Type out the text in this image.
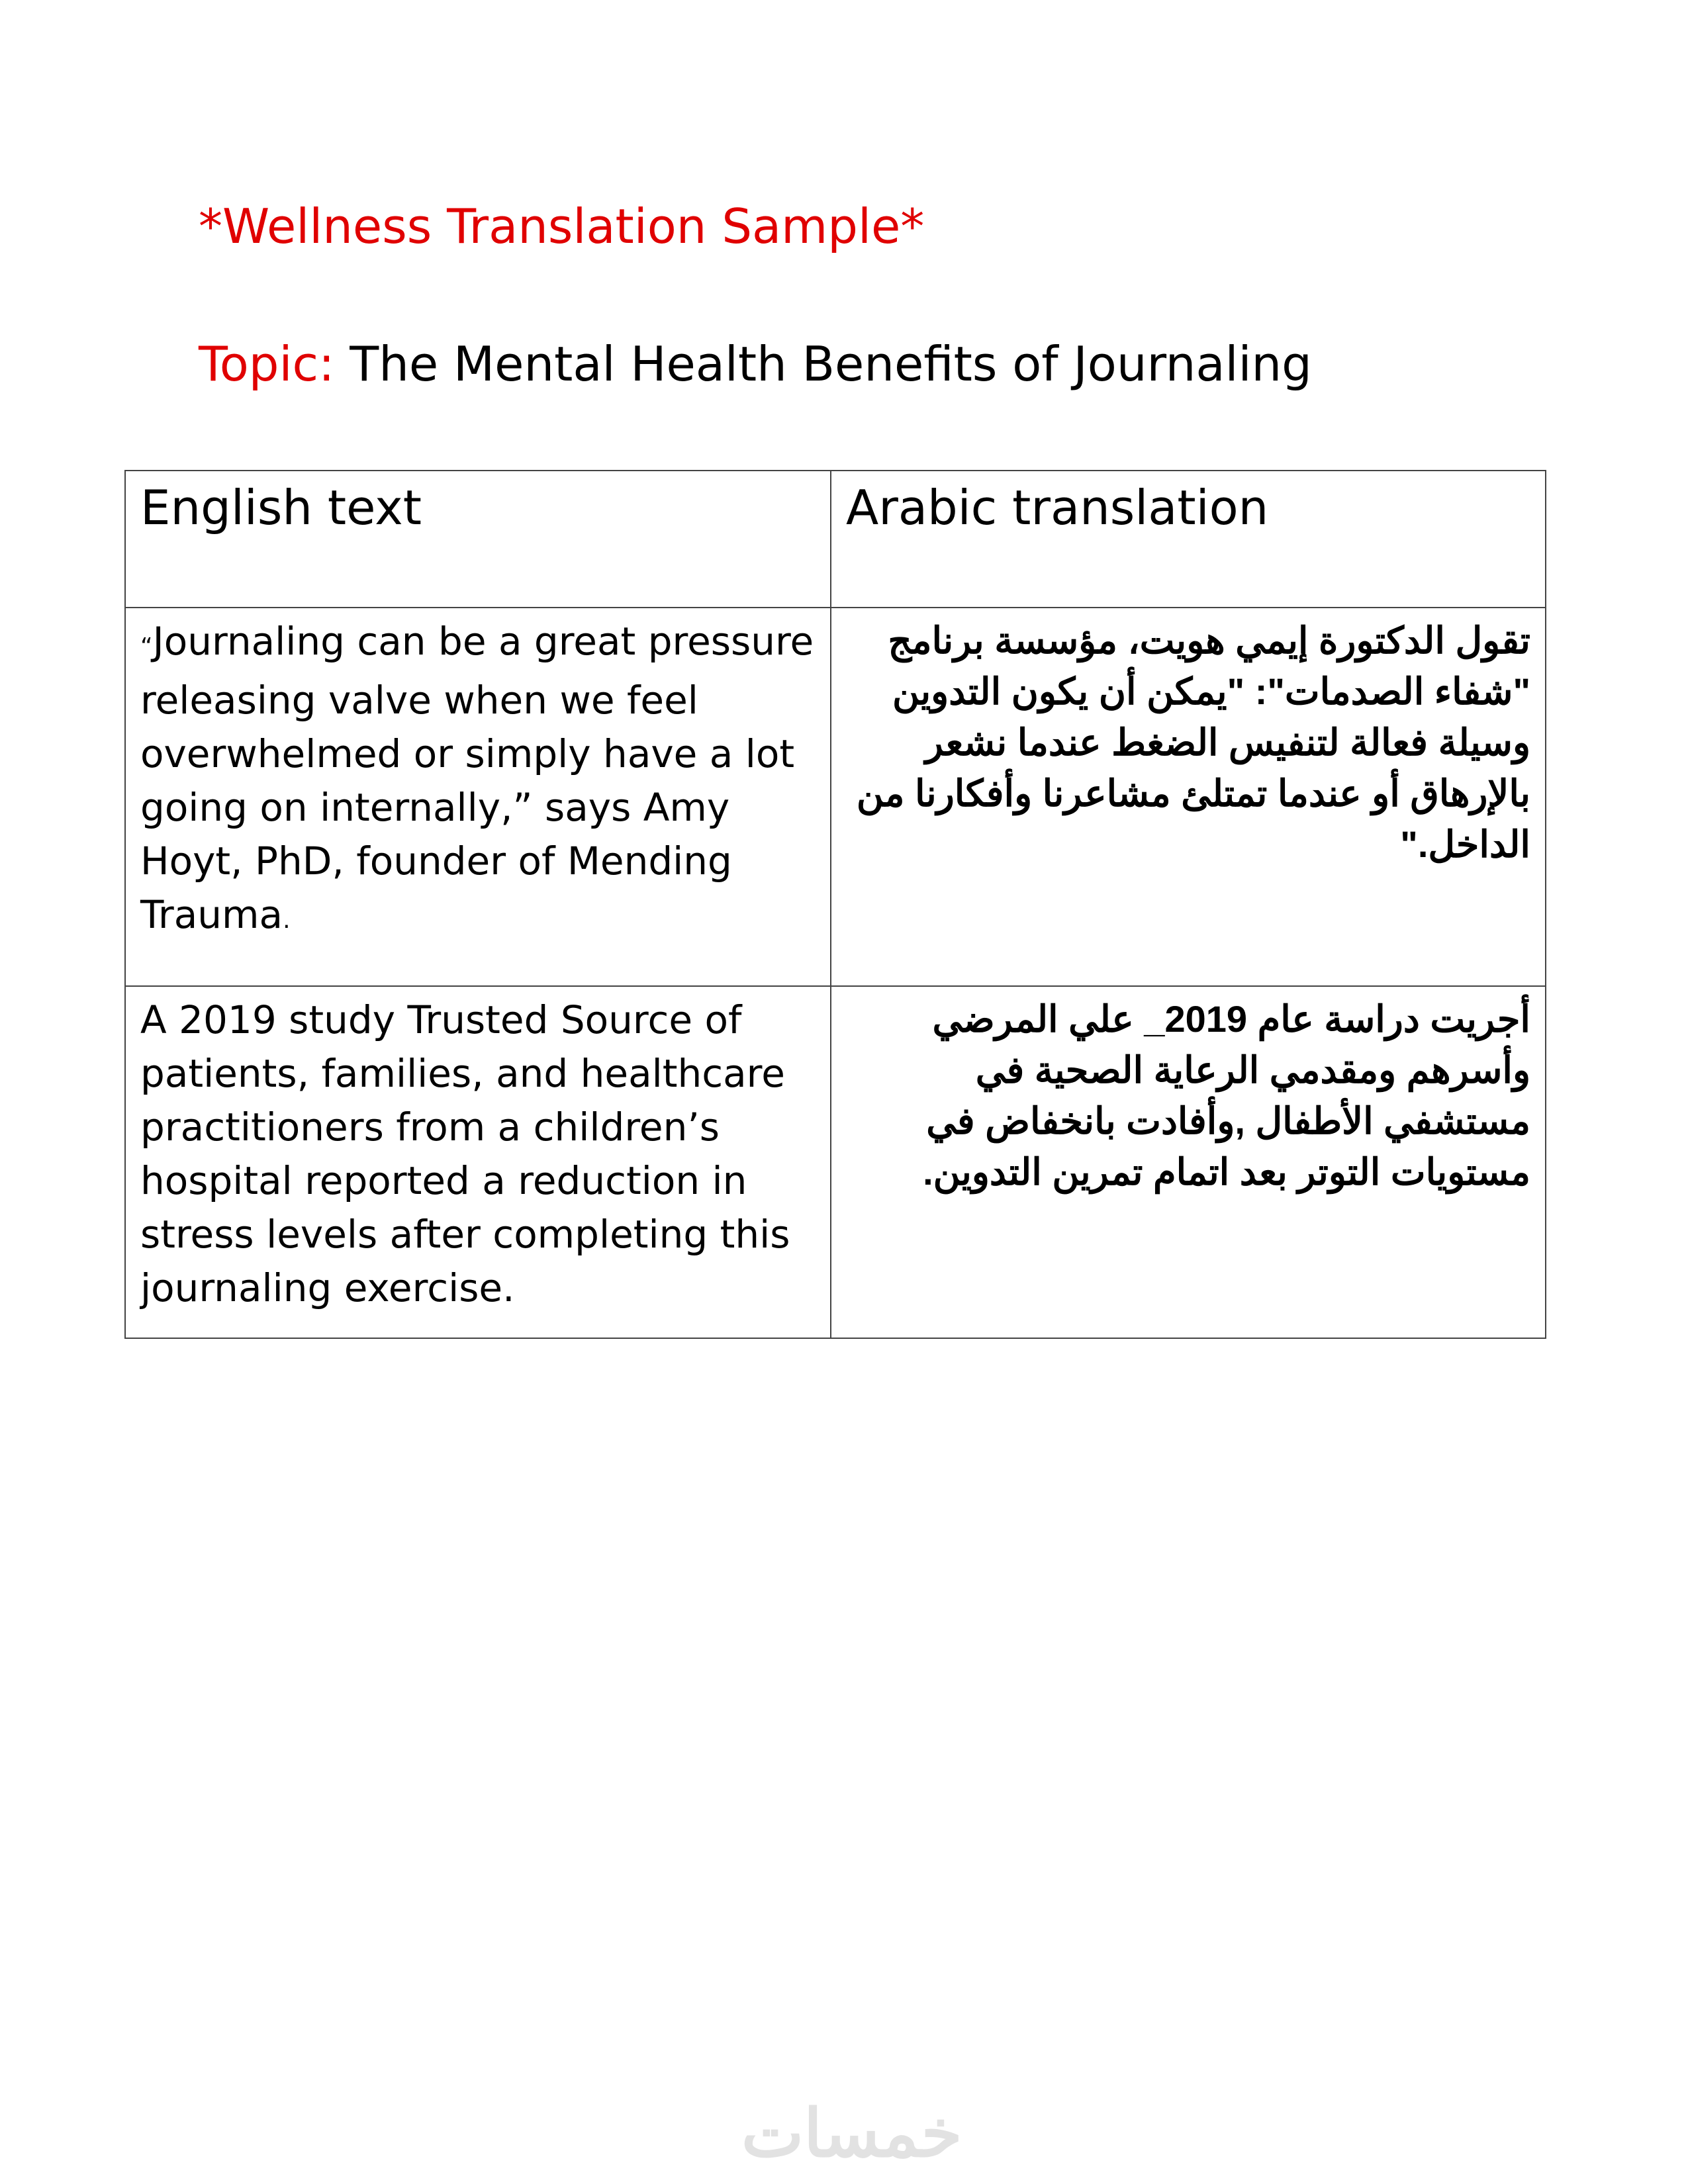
*Wellness Translation Sample*
Topic: The Mental Health Benefits of Journaling
English text	Arabic translation
“Journaling can be a great pressure releasing valve when we feel overwhelmed or simply have a lot going on internally,” says Amy Hoyt, PhD, founder of Mending Trauma.	تقول الدكتورة إيمي هويت، مؤسسة برنامج "شفاء الصدمات": "يمكن أن يكون التدوين وسيلة فعالة لتنفيس الضغط عندما نشعر بالإرهاق أو عندما تمتلئ مشاعرنا وأفكارنا من الداخل."
A 2019 study Trusted Source of patients, families, and healthcare practitioners from a children’s hospital reported a reduction in stress levels after completing this journaling exercise.	أجريت دراسة عام 2019_ علي المرضي وأسرهم ومقدمي الرعاية الصحية في مستشفي الأطفال ,وأفادت بانخفاض في مستويات التوتر بعد اتمام تمرين التدوين.
خمسات
